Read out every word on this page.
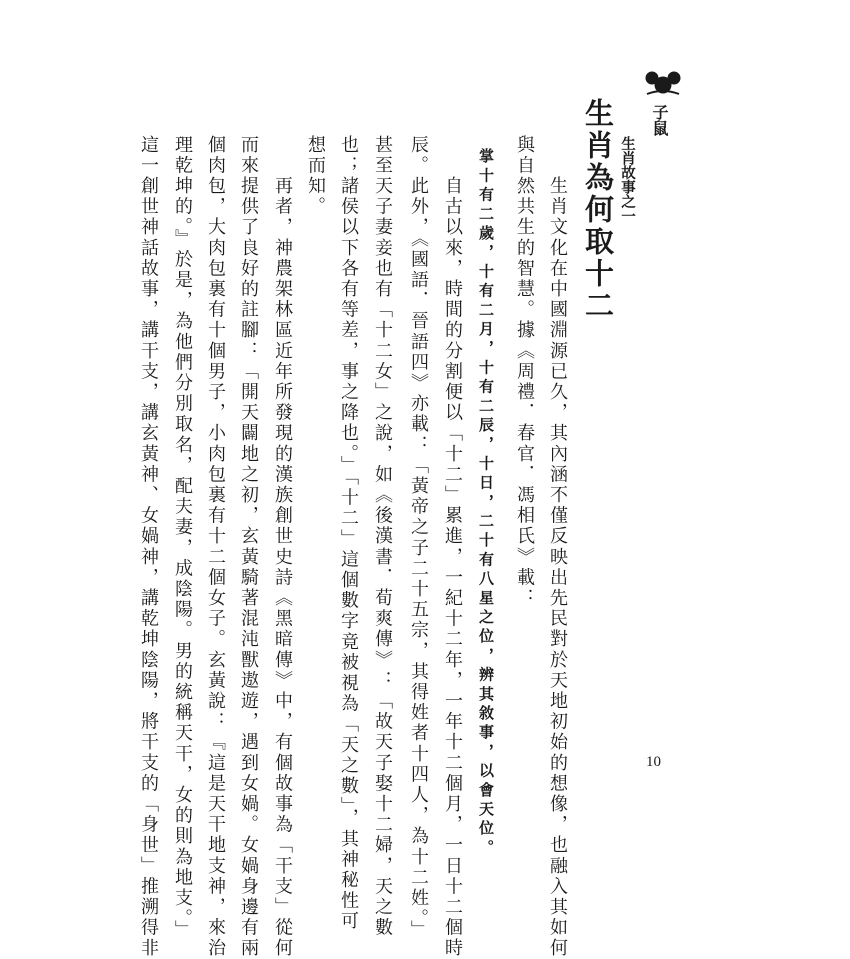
子鼠
生肖故事之一
生肖為何取十二
　　生肖文化在中國淵源已久，其內涵不僅反映出先民對於天地初始的想像，也融入其如何
與自然共生的智慧。據《周禮．春官．馮相氏》載：
掌十有二歲，十有二月，十有二辰，十日，二十有八星之位，辨其敘事，以會天位。
　　自古以來，時間的分割便以「十二」累進，一紀十二年，一年十二個月，一日十二個時
辰。此外，《國語．晉語四》亦載：「黃帝之子二十五宗，其得姓者十四人，為十二姓。」
甚至天子妻妾也有「十二女」之說，如《後漢書．荀爽傳》：「故天子娶十二婦，天之數
也；諸侯以下各有等差，事之降也。」「十二」這個數字竟被視為「天之數」，其神秘性可
想而知。
　　再者，神農架林區近年所發現的漢族創世史詩《黑暗傳》中，有個故事為「干支」從何
而來提供了良好的註腳：「開天闢地之初，玄黃騎著混沌獸遨遊，遇到女媧。女媧身邊有兩
個肉包，大肉包裏有十個男子，小肉包裏有十二個女子。玄黃說：『這是天干地支神，來治
理乾坤的。』於是，為他們分別取名，配夫妻，成陰陽。男的統稱天干，女的則為地支。」
這一創世神話故事，講干支，講玄黃神、女媧神，講乾坤陰陽，將干支的「身世」推溯得非	10
